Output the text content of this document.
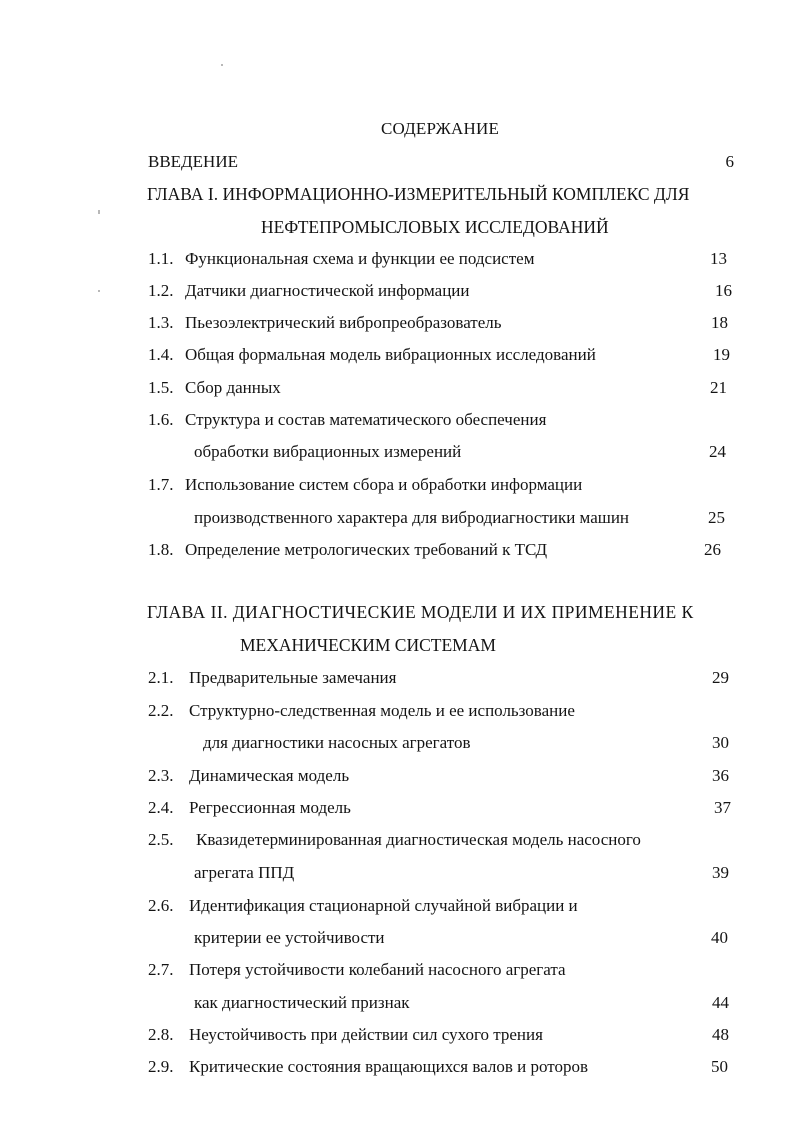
СОДЕРЖАНИЕ
ВВЕДЕНИЕ	6
ГЛАВА I. ИНФОРМАЦИОННО-ИЗМЕРИТЕЛЬНЫЙ КОМПЛЕКС ДЛЯ
НЕФТЕПРОМЫСЛОВЫХ ИССЛЕДОВАНИЙ
1.1. Функциональная схема и функции ее подсистем	13
1.2. Датчики диагностической информации	16
1.3. Пьезоэлектрический вибропреобразователь	18
1.4. Общая формальная модель вибрационных исследований	19
1.5. Сбор данных	21
1.6. Структура и состав математического обеспечения
обработки вибрационных измерений	24
1.7. Использование систем сбора и обработки информации
производственного характера для вибродиагностики машин	25
1.8. Определение метрологических требований к ТСД	26
ГЛАВА II. ДИАГНОСТИЧЕСКИЕ МОДЕЛИ И ИХ ПРИМЕНЕНИЕ К
МЕХАНИЧЕСКИМ СИСТЕМАМ
2.1. Предварительные замечания	29
2.2. Структурно-следственная модель и ее использование
для диагностики насосных агрегатов	30
2.3. Динамическая модель	36
2.4. Регрессионная модель	37
2.5. Квазидетерминированная диагностическая модель насосного
агрегата ППД	39
2.6. Идентификация стационарной случайной вибрации и
критерии ее устойчивости	40
2.7. Потеря устойчивости колебаний насосного агрегата
как диагностический признак	44
2.8. Неустойчивость при действии сил сухого трения	48
2.9. Критические состояния вращающихся валов и роторов	50
